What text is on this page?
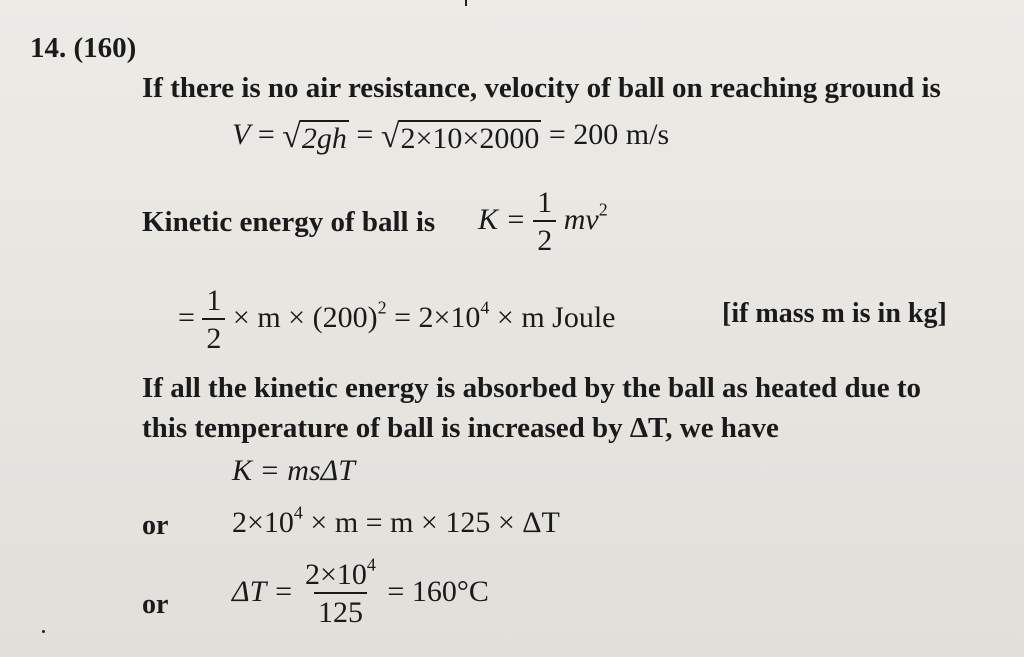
14. (160)
If there is no air resistance, velocity of ball on reaching ground is
V = √ 2gh = √ 2×10×2000 = 200 m/s
Kinetic energy of ball is $K = \frac{1}{2} mv^2$
= $\frac{1}{2} \times m \times (200)^2 = 2\times 10^4 \times m$ Joule	[if mass m is in kg]
If all the kinetic energy is absorbed by the ball as heated due to
this temperature of ball is increased by ΔT, we have
K = msΔT
or $2\times 10^4 \times m = m \times 125 \times \Delta T$
or $\Delta T = \frac{2\times 10^4}{125} = 160^\circ C$
